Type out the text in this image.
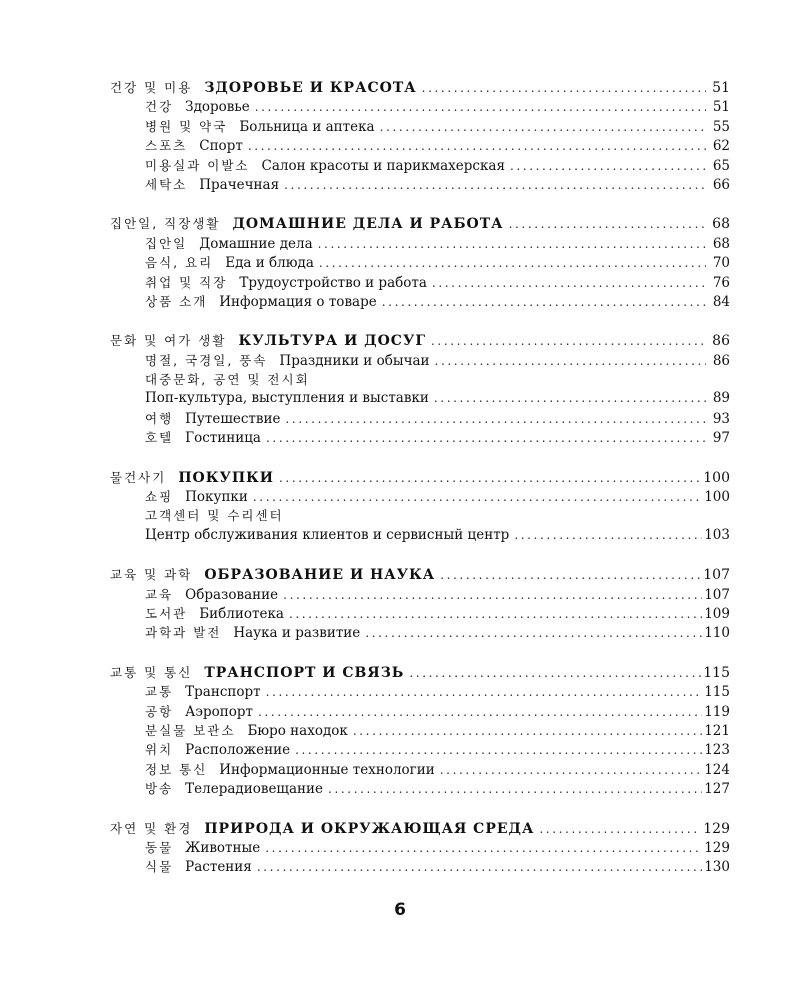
건강 및 미용 ЗДОРОВЬЕ И КРАСОТА .....	51
건강 Здоровье .....	51
병원 및 약국 Больница и аптека .....	55
스포츠 Спорт .....	62
미용실과 이발소 Салон красоты и парикмахерская .....	65
세탁소 Прачечная .....	66
집안일, 직장생활 ДОМАШНИЕ ДЕЛА И РАБОТА .....	68
집안일 Домашние дела .....	68
음식, 요리 Еда и блюда .....	70
취업 및 직장 Трудоустройство и работа .....	76
상품 소개 Информация о товаре .....	84
문화 및 여가 생활 КУЛЬТУРА И ДОСУГ .....	86
명절, 국경일, 풍속 Праздники и обычаи .....	86
대중문화, 공연 및 전시회
Поп-культура, выступления и выставки .....	89
여행 Путешествие .....	93
호텔 Гостиница .....	97
물건사기 ПОКУПКИ .....	100
쇼핑 Покупки .....	100
고객센터 및 수리센터
Центр обслуживания клиентов и сервисный центр .....	103
교육 및 과학 ОБРАЗОВАНИЕ И НАУКА .....	107
교육 Образование .....	107
도서관 Библиотека .....	109
과학과 발전 Наука и развитие .....	110
교통 및 통신 ТРАНСПОРТ И СВЯЗЬ .....	115
교통 Транспорт .....	115
공항 Аэропорт .....	119
분실물 보관소 Бюро находок .....	121
위치 Расположение .....	123
정보 통신 Информационные технологии .....	124
방송 Телерадиовещание .....	127
자연 및 환경 ПРИРОДА И ОКРУЖАЮЩАЯ СРЕДА .....	129
동물 Животные .....	129
식물 Растения .....	130
6
